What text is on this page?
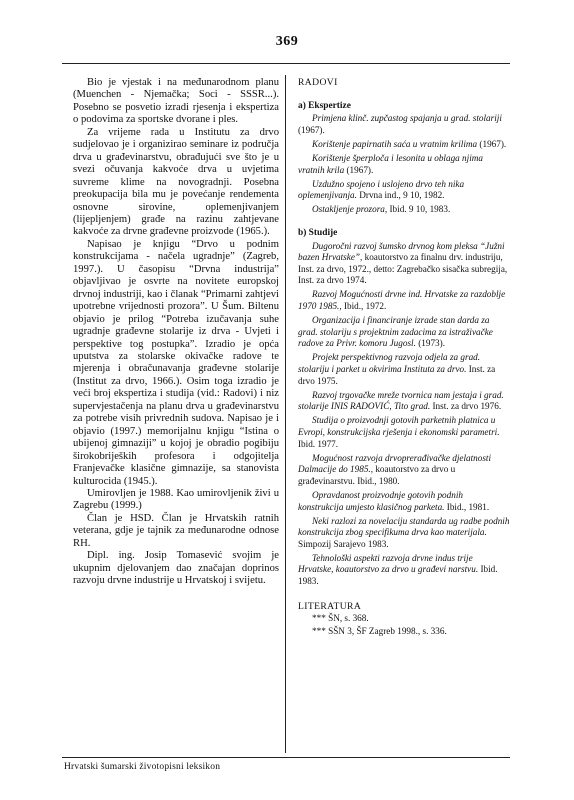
369

Bio je vjestak i na međunarodnom planu (Muenchen - Njemačka; Soci - SSSR...). Posebno se posvetio izradi rjesenja i ekspertiza o podovima za sportske dvorane i ples.

Za vrijeme rada u Institutu za drvo sudjelovao je i organizirao seminare iz područja drva u građevinarstvu, obrađujući sve što je u svezi očuvanja kakvoće drva u uvjetima suvreme klime na novogradnji. Posebna preokupacija bila mu je povećanje rendementa osnovne sirovine, oplemenjivanjem (lijepljenjem) građe na razinu zahtjevane kakvoće za drvne građevne proizvode (1965.).

Napisao je knjigu “Drvo u podnim konstrukcijama - načela ugradnje” (Zagreb, 1997.). U časopisu “Drvna industrija” objavljivao je osvrte na novitete europskoj drvnoj industriji, kao i članak “Primarni zahtjevi upotrebne vrijednosti prozora”. U Šum. Biltenu objavio je prilog “Potreba izučavanja suhe ugradnje građevne stolarije iz drva - Uvjeti i perspektive tog postupka”. Izradio je opća uputstva za stolarske okivačke radove te mjerenja i obračunavanja građevne stolarije (Institut za drvo, 1966.). Osim toga izradio je veći broj ekspertiza i studija (vid.: Radovi) i niz supervjestačenja na planu drva u građevinarstvu za potrebe visih privrednih sudova. Napisao je i objavio (1997.) memorijalnu knjigu “Istina o ubijenoj gimnaziji” u kojoj je obradio pogibiju širokobrijeških profesora i odgojitelja Franjevačke klasične gimnazije, sa stanovista kulturocida (1945.).

Umirovljen je 1988. Kao umirovljenik živi u Zagrebu (1999.)

Član je HSD. Član je Hrvatskih ratnih veterana, gdje je tajnik za međunarodne odnose RH.

Dipl. ing. Josip Tomasević svojim je ukupnim djelovanjem dao značajan doprinos razvoju drvne industrije u Hrvatskoj i svijetu.

RADOVI
a) Ekspertize

Primjena klinč. zupčastog spajanja u grad. stolariji (1967).

Korištenje papirnatih saća u vratnim krilima (1967).

Korištenje šperploča i lesonita u oblaga njima vratnih krila (1967).

Uzdužno spojeno i uslojeno drvo teh nika oplemenjivanja. Drvna ind., 9 10, 1982.

Ostakljenje prozora, Ibid. 9 10, 1983.

b) Studije

Dugoročni razvoj šumsko drvnog kom pleksa “Južni bazen Hrvatske”, koautorstvo za finalnu drv. industriju, Inst. za drvo, 1972., detto: Zagrebačko sisačka subregija, Inst. za drvo 1974.

Razvoj Mogućnosti drvne ind. Hrvatske za razdoblje 1970 1985., Ibid., 1972.

Organizacija i financiranje izrade stan darda za grad. stolariju s projektnim zadacima za istraživačke radove za Privr. komoru Jugosl. (1973).

Projekt perspektivnog razvoja odjela za grad. stolariju i parket u okvirima Instituta za drvo. Inst. za drvo 1975.

Razvoj trgovačke mreže tvornica nam jestaja i grad. stolarije INIS RADOVIĆ, Tito grad. Inst. za drvo 1976.

Studija o proizvodnji gotovih parketnih platnica u Evropi, konstrukcijska rješenja i ekonomski parametri. Ibid. 1977.

Mogućnost razvoja drvoprerađivačke djelatnosti Dalmacije do 1985., koautorstvo za drvo u građevinarstvu. Ibid., 1980.

Opravdanost proizvodnje gotovih podnih konstrukcija umjesto klasičnog parketa. Ibid., 1981.

Neki razlozi za novelaciju standarda ug radbe podnih konstrukcija zbog specifikuma drva kao materijala. Simpozij Sarajevo 1983.

Tehnološki aspekti razvoja drvne indus trije Hrvatske, koautorstvo za drvo u građevi narstvu. Ibid. 1983.

LITERATURA
*** ŠN, s. 368.
*** SŠN 3, ŠF Zagreb 1998., s. 336.
Hrvatski šumarski životopisni leksikon
